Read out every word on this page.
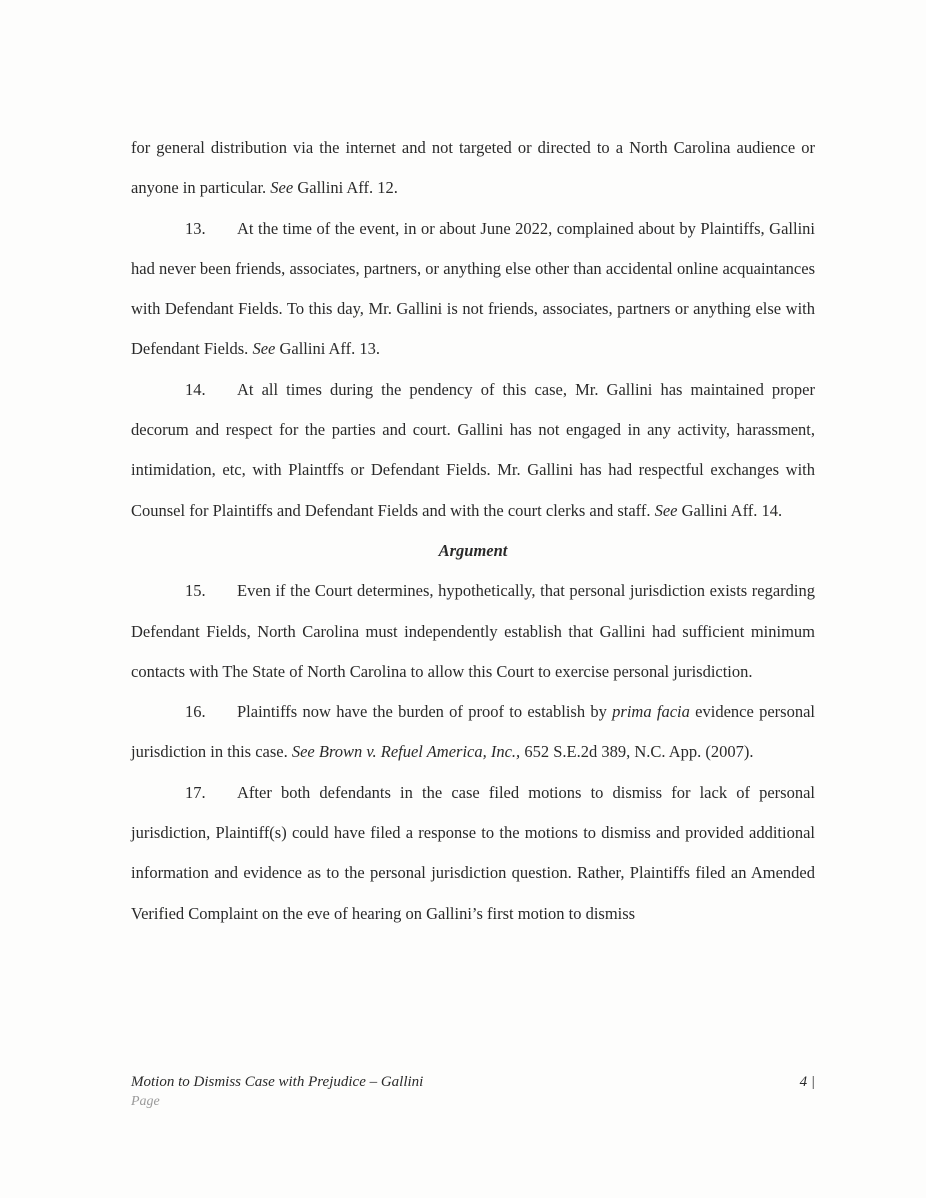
for general distribution via the internet and not targeted or directed to a North Carolina audience or anyone in particular. See Gallini Aff. 12.

13. At the time of the event, in or about June 2022, complained about by Plaintiffs, Gallini had never been friends, associates, partners, or anything else other than accidental online acquaintances with Defendant Fields. To this day, Mr. Gallini is not friends, associates, partners or anything else with Defendant Fields. See Gallini Aff. 13.

14. At all times during the pendency of this case, Mr. Gallini has maintained proper decorum and respect for the parties and court. Gallini has not engaged in any activity, harassment, intimidation, etc, with Plaintffs or Defendant Fields. Mr. Gallini has had respectful exchanges with Counsel for Plaintiffs and Defendant Fields and with the court clerks and staff. See Gallini Aff. 14.

Argument

15. Even if the Court determines, hypothetically, that personal jurisdiction exists regarding Defendant Fields, North Carolina must independently establish that Gallini had sufficient minimum contacts with The State of North Carolina to allow this Court to exercise personal jurisdiction.

16. Plaintiffs now have the burden of proof to establish by prima facia evidence personal jurisdiction in this case. See Brown v. Refuel America, Inc., 652 S.E.2d 389, N.C. App. (2007).

17. After both defendants in the case filed motions to dismiss for lack of personal jurisdiction, Plaintiff(s) could have filed a response to the motions to dismiss and provided additional information and evidence as to the personal jurisdiction question. Rather, Plaintiffs filed an Amended Verified Complaint on the eve of hearing on Gallini’s first motion to dismiss

Motion to Dismiss Case with Prejudice – Gallini
Page
4 |
